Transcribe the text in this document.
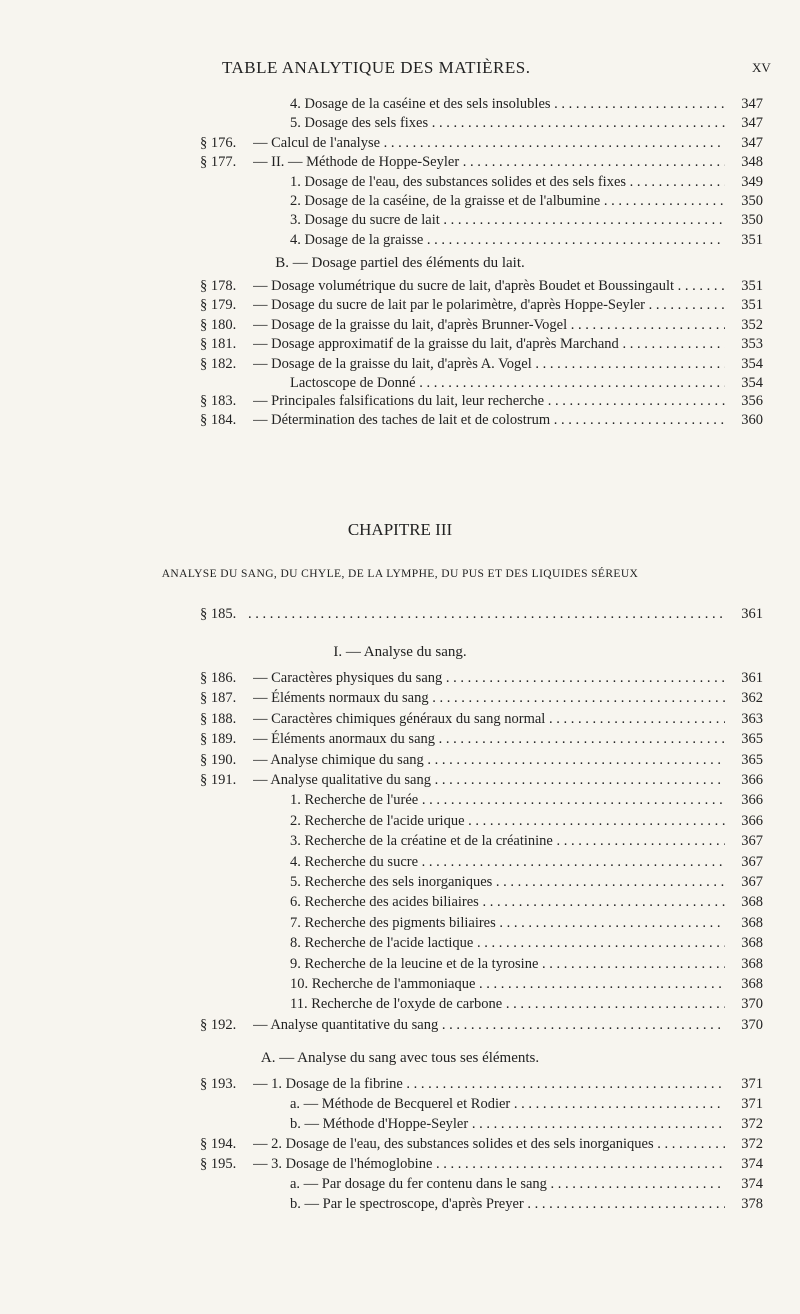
TABLE ANALYTIQUE DES MATIÈRES.	XV
B. — Dosage partiel des éléments du lait.
CHAPITRE III
ANALYSE DU SANG, DU CHYLE, DE LA LYMPHE, DU PUS ET DES LIQUIDES SÉREUX
I. — Analyse du sang.
A. — Analyse du sang avec tous ses éléments.
4. Dosage de la caséine et des sels insolubles . . .	347
5. Dosage des sels fixes . . .	347
§ 176. — Calcul de l'analyse . . .	347
§ 177. — II. — Méthode de Hoppe-Seyler . . .	348
1. Dosage de l'eau, des substances solides et des sels fixes . . .	349
2. Dosage de la caséine, de la graisse et de l'albumine . . .	350
3. Dosage du sucre de lait . . .	350
4. Dosage de la graisse . . .	351
§ 178. — Dosage volumétrique du sucre de lait, d'après Boudet et Boussingault . . .	351
§ 179. — Dosage du sucre de lait par le polarimètre, d'après Hoppe-Seyler . . .	351
§ 180. — Dosage de la graisse du lait, d'après Brunner-Vogel . . .	352
§ 181. — Dosage approximatif de la graisse du lait, d'après Marchand . . .	353
§ 182. — Dosage de la graisse du lait, d'après A. Vogel . . .	354
Lactoscope de Donné . . .	354
§ 183. — Principales falsifications du lait, leur recherche . . .	356
§ 184. — Détermination des taches de lait et de colostrum . . .	360
§ 185. . . .	361
§ 186. — Caractères physiques du sang . . .	361
§ 187. — Éléments normaux du sang . . .	362
§ 188. — Caractères chimiques généraux du sang normal . . .	363
§ 189. — Éléments anormaux du sang . . .	365
§ 190. — Analyse chimique du sang . . .	365
§ 191. — Analyse qualitative du sang . . .	366
1. Recherche de l'urée . . .	366
2. Recherche de l'acide urique . . .	366
3. Recherche de la créatine et de la créatinine . . .	367
4. Recherche du sucre . . .	367
5. Recherche des sels inorganiques . . .	367
6. Recherche des acides biliaires . . .	368
7. Recherche des pigments biliaires . . .	368
8. Recherche de l'acide lactique . . .	368
9. Recherche de la leucine et de la tyrosine . . .	368
10. Recherche de l'ammoniaque . . .	368
11. Recherche de l'oxyde de carbone . . .	370
§ 192. — Analyse quantitative du sang . . .	370
§ 193. — 1. Dosage de la fibrine . . .	371
a. — Méthode de Becquerel et Rodier . . .	371
b. — Méthode d'Hoppe-Seyler . . .	372
§ 194. — 2. Dosage de l'eau, des substances solides et des sels inorganiques . . .	372
§ 195. — 3. Dosage de l'hémoglobine . . .	374
a. — Par dosage du fer contenu dans le sang . . .	374
b. — Par le spectroscope, d'après Preyer . . .	378
